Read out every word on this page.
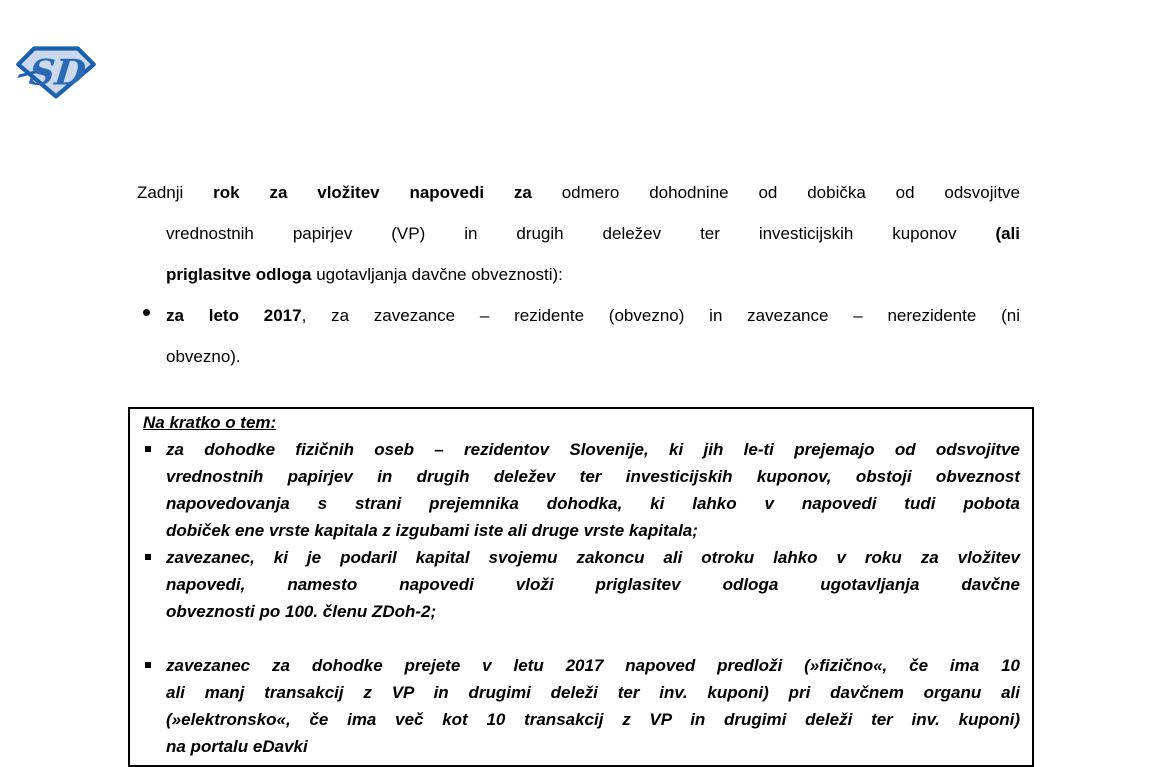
SD
Zadnji rok za vložitev napovedi za odmero dohodnine od dobička od odsvojitve
vrednostnih papirjev (VP) in drugih deležev ter investicijskih kuponov (ali
priglasitve odloga ugotavljanja davčne obveznosti):
za leto 2017, za zavezance – rezidente (obvezno) in zavezance – nerezidente (ni
obvezno).
Na kratko o tem:
za dohodke fizičnih oseb – rezidentov Slovenije, ki jih le-ti prejemajo od odsvojitve
vrednostnih papirjev in drugih deležev ter investicijskih kuponov, obstoji obveznost
napovedovanja s strani prejemnika dohodka, ki lahko v napovedi tudi pobota
dobiček ene vrste kapitala z izgubami iste ali druge vrste kapitala;
zavezanec, ki je podaril kapital svojemu zakoncu ali otroku lahko v roku za vložitev
napovedi, namesto napovedi vloži priglasitev odloga ugotavljanja davčne
obveznosti po 100. členu ZDoh-2;
zavezanec za dohodke prejete v letu 2017 napoved predloži (»fizično«, če ima 10
ali manj transakcij z VP in drugimi deleži ter inv. kuponi) pri davčnem organu ali
(»elektronsko«, če ima več kot 10 transakcij z VP in drugimi deleži ter inv. kuponi)
na portalu eDavki
